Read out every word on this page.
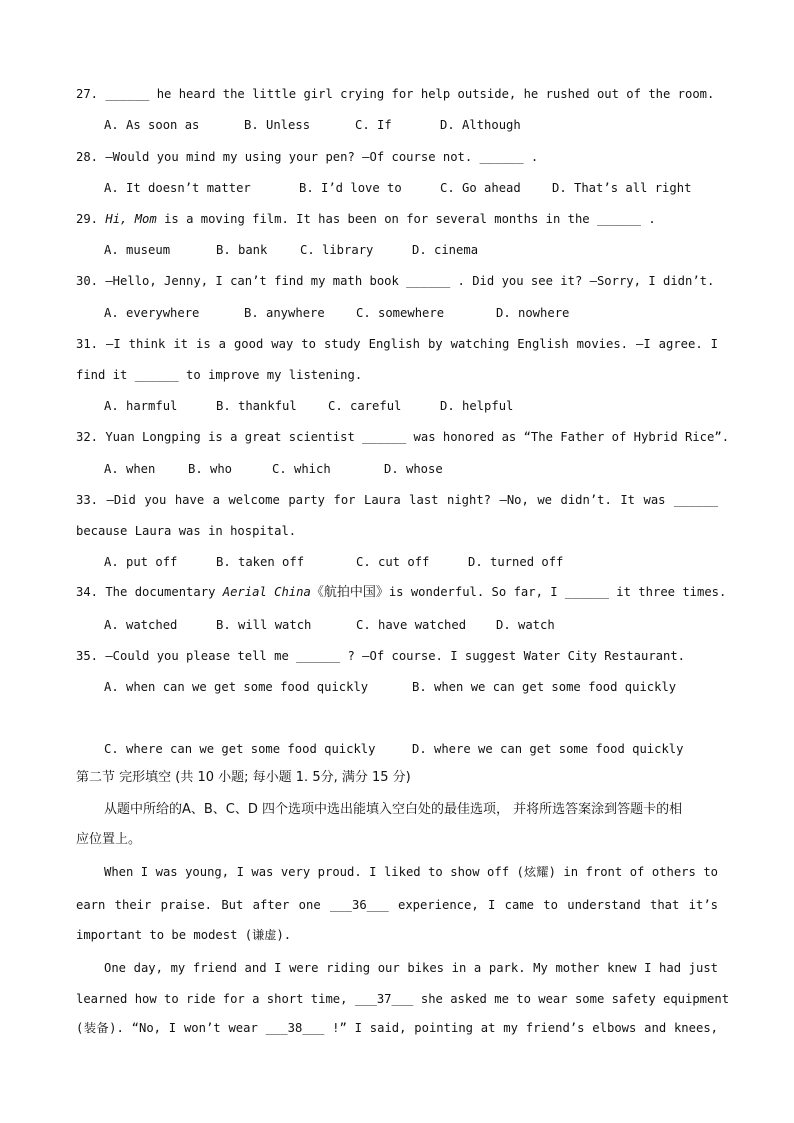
27. ______ he heard the little girl crying for help outside, he rushed out of the room.
A. As soon as	B. Unless	C. If	D. Although
28. —Would you mind my using your pen? —Of course not. ______ .
A. It doesn’t matter	B. I’d love to	C. Go ahead	D. That’s all right
29. Hi, Mom is a moving film. It has been on for several months in the ______ .
A. museum	B. bank	C. library	D. cinema
30. —Hello, Jenny, I can’t find my math book ______ . Did you see it? —Sorry, I didn’t.
A. everywhere	B. anywhere	C. somewhere	D. nowhere
31. —I think it is a good way to study English by watching English movies. —I agree. I
find it ______ to improve my listening.
A. harmful	B. thankful	C. careful	D. helpful
32. Yuan Longping is a great scientist ______ was honored as “The Father of Hybrid Rice”.
A. when	B. who	C. which	D. whose
33. —Did you have a welcome party for Laura last night? —No, we didn’t. It was ______
because Laura was in hospital.
A. put off	B. taken off	C. cut off	D. turned off
34. The documentary Aerial China《航拍中国》is wonderful. So far, I ______ it three times.
A. watched	B. will watch	C. have watched D. watch
35. —Could you please tell me ______ ? —Of course. I suggest Water City Restaurant.
A. when can we get some food quickly	B. when we can get some food quickly
C. where can we get some food quickly	D. where we can get some food quickly
第二节 完形填空 (共 10 小题; 每小题 1. 5分, 满分 15 分)
从题中所给的A、B、C、D 四个选项中选出能填入空白处的最佳选项， 并将所选答案涂到答题卡的相
应位置上。
When I was young, I was very proud. I liked to show off (炫耀) in front of others to
earn their praise. But after one ___36___ experience, I came to understand that it’s
important to be modest (谦虚).
One day, my friend and I were riding our bikes in a park. My mother knew I had just
learned how to ride for a short time, ___37___ she asked me to wear some safety equipment
(装备). “No, I won’t wear ___38___ !” I said, pointing at my friend’s elbows and knees,
